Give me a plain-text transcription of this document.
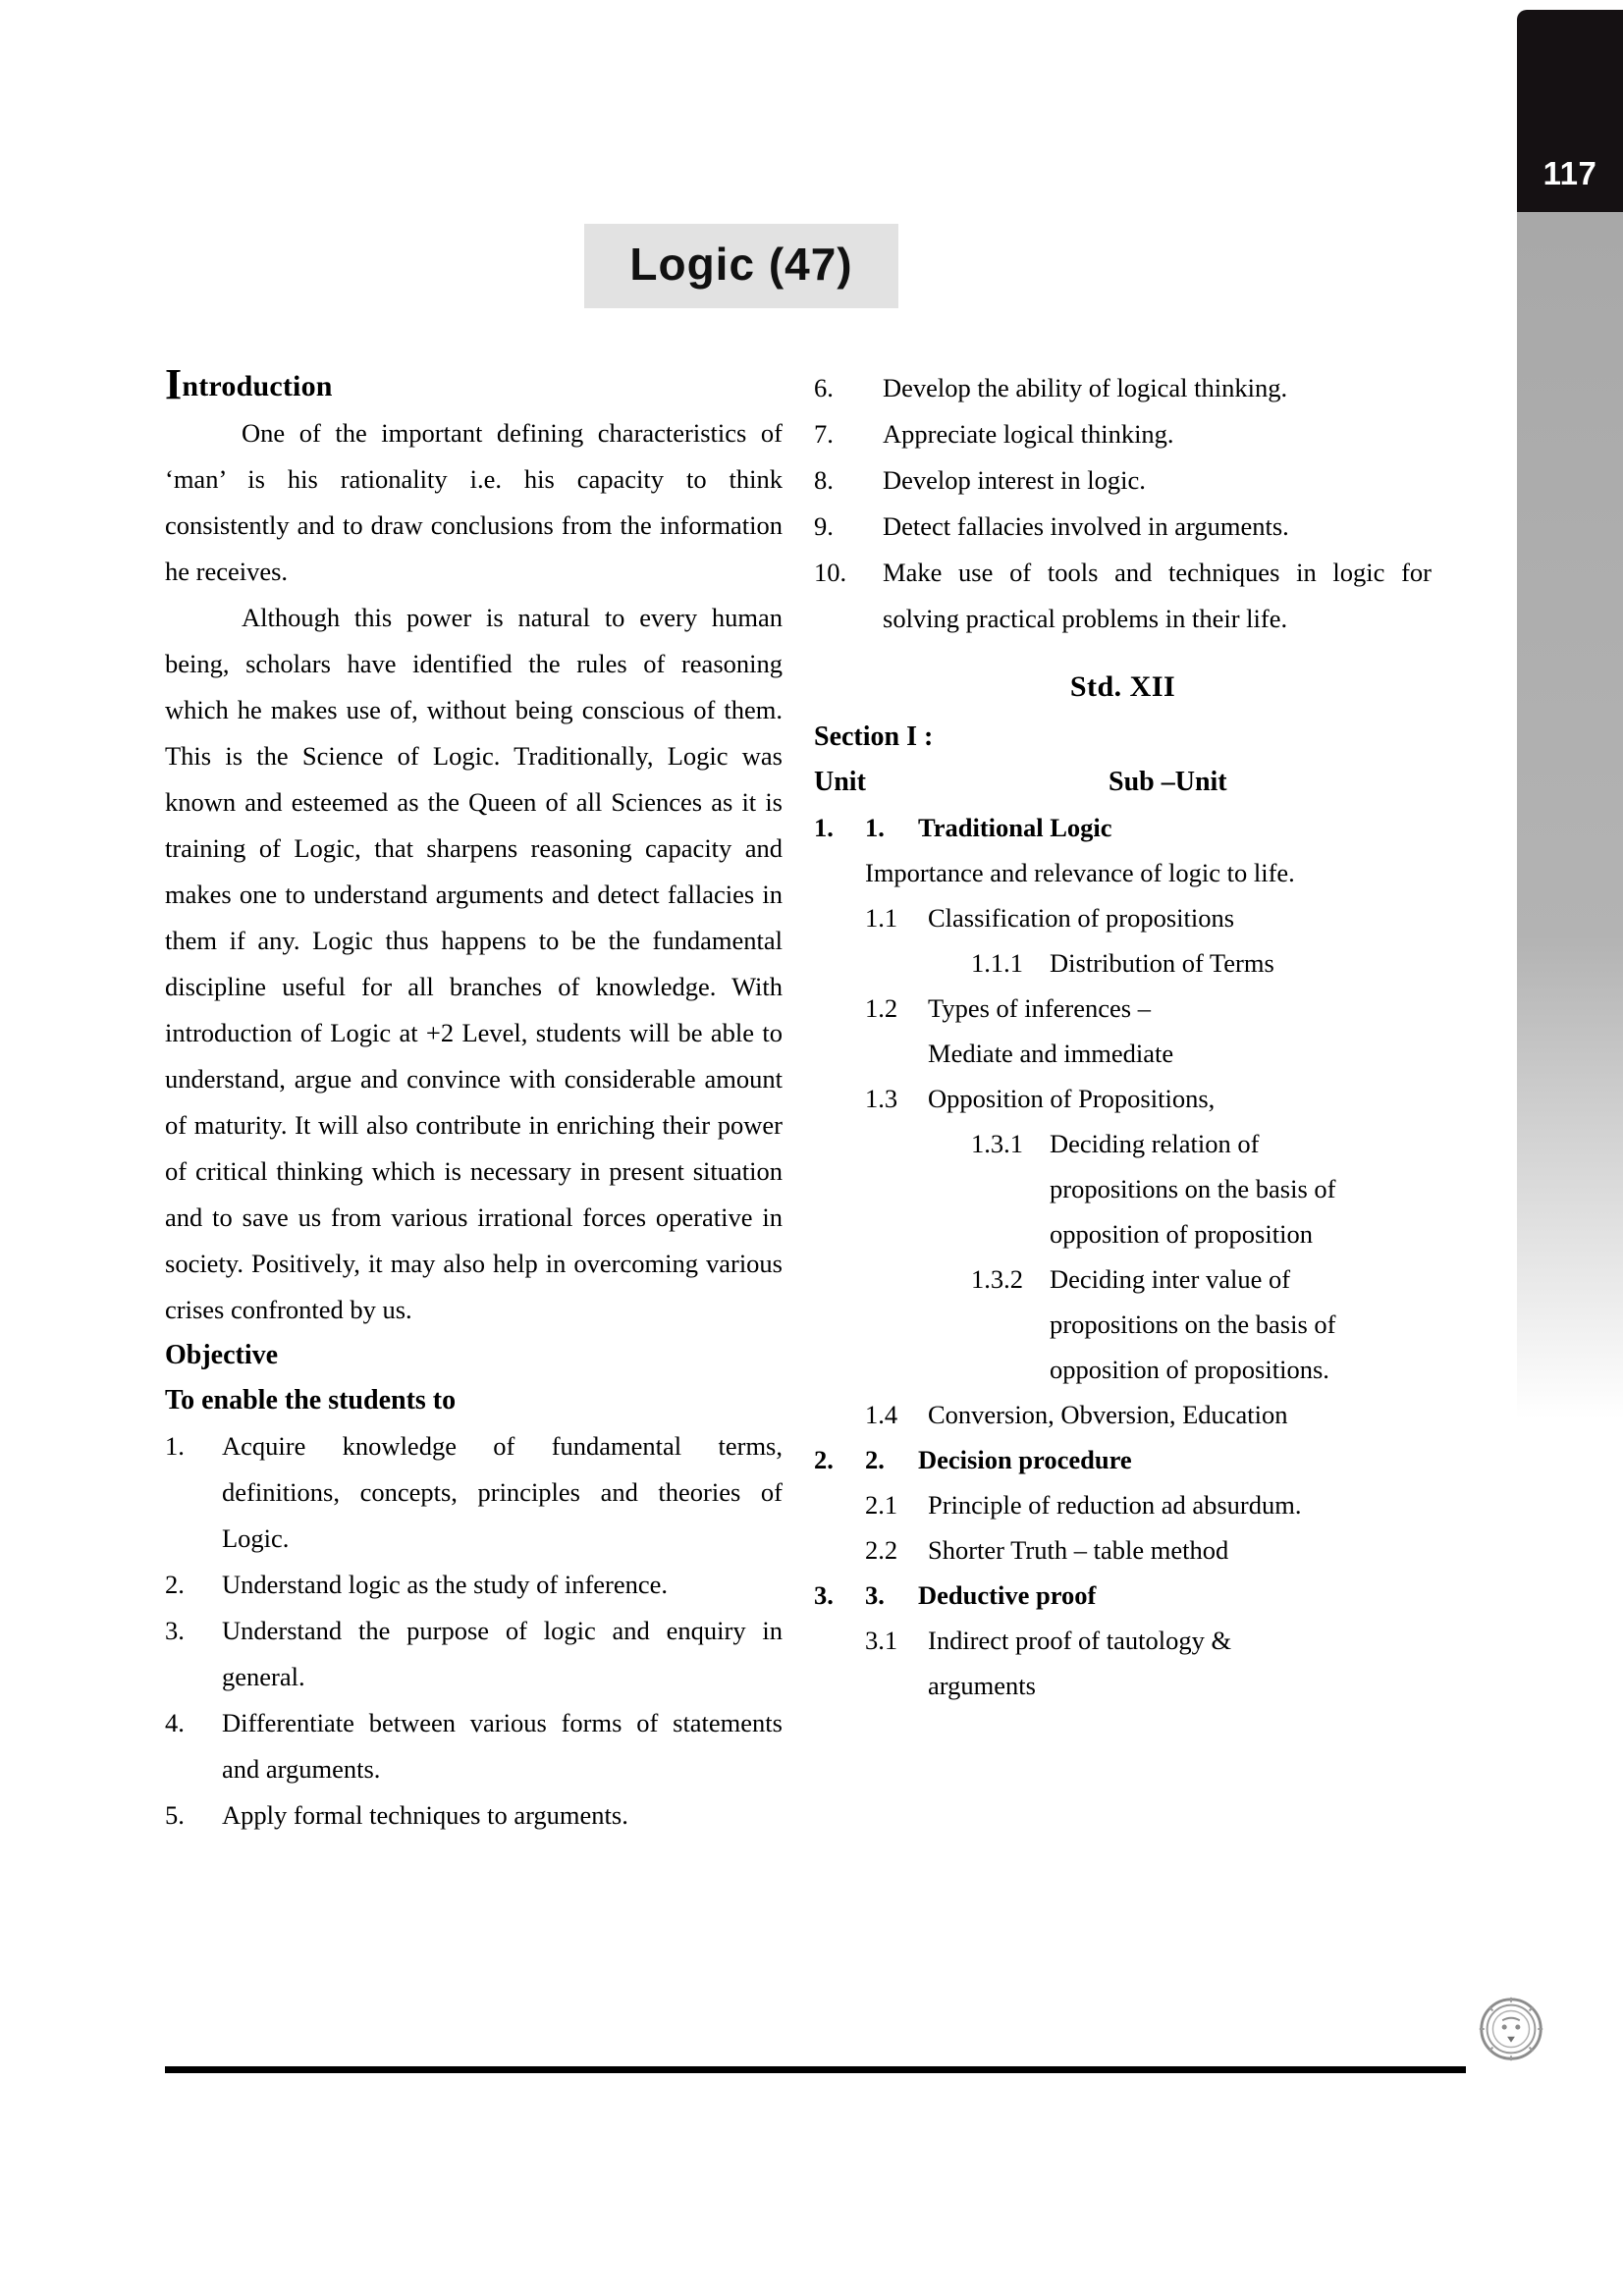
Logic (47)
Introduction

One of the important defining characteristics of ‘man’ is his rationality i.e. his capacity to think consistently and to draw conclusions from the information he receives.

Although this power is natural to every human being, scholars have identified the rules of reasoning which he makes use of, without being conscious of them. This is the Science of Logic. Traditionally, Logic was known and esteemed as the Queen of all Sciences as it is training of Logic, that sharpens reasoning capacity and makes one to understand arguments and detect fallacies in them if any. Logic thus happens to be the fundamental discipline useful for all branches of knowledge. With introduction of Logic at +2 Level, students will be able to understand, argue and convince with considerable amount of maturity. It will also contribute in enriching their power of critical thinking which is necessary in present situation and to save us from various irrational forces operative in society. Positively, it may also help in overcoming various crises confronted by us.

Objective
To enable the students to
1.	Acquire knowledge of fundamental terms, definitions, concepts, principles and theories of Logic.
2.	Understand logic as the study of inference.
3.	Understand the purpose of logic and enquiry in general.
4.	Differentiate between various forms of statements and arguments.
5.	Apply formal techniques to arguments.
6.	Develop the ability of logical thinking.
7.	Appreciate logical thinking.
8.	Develop interest in logic.
9.	Detect fallacies involved in arguments.
10.	Make use of tools and techniques in logic for solving practical problems in their life.
Std. XII
Section I :
Unit	Sub –Unit
1.	1.	Traditional Logic
Importance and relevance of logic to life.
1.1	Classification of propositions
1.1.1	Distribution of Terms
1.2	Types of inferences –
Mediate and immediate
1.3	Opposition of Propositions,
1.3.1	Deciding relation of
propositions on the basis of
opposition of proposition
1.3.2	Deciding inter value of
propositions on the basis of
opposition of propositions.
1.4	Conversion, Obversion, Education
2.	2.	Decision procedure
2.1	Principle of reduction ad absurdum.
2.2	Shorter Truth – table method
3.	3.	Deductive proof
3.1	Indirect proof of tautology &
arguments
117
